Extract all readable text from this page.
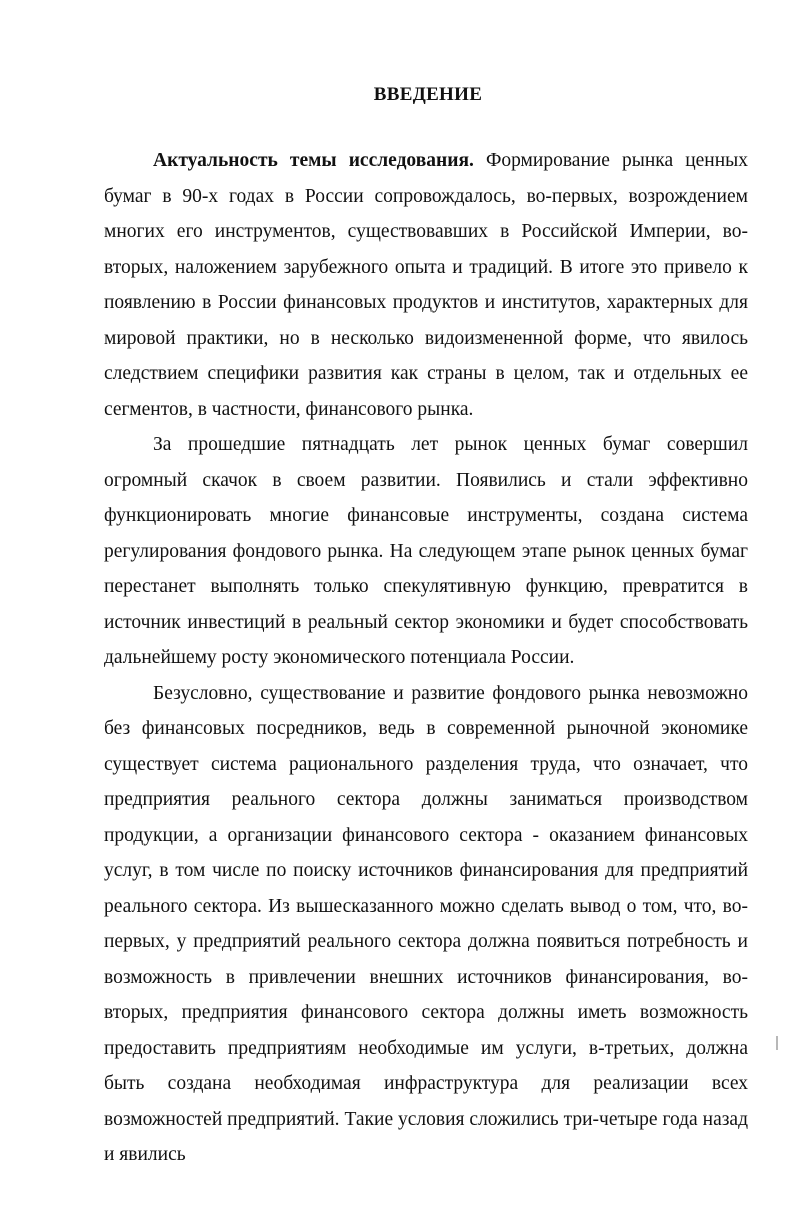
ВВЕДЕНИЕ

Актуальность темы исследования. Формирование рынка ценных бумаг в 90-х годах в России сопровождалось, во-первых, возрождением многих его инструментов, существовавших в Российской Империи, во-вторых, наложением зарубежного опыта и традиций. В итоге это привело к появлению в России финансовых продуктов и институтов, характерных для мировой практики, но в несколько видоизмененной форме, что явилось следствием специфики развития как страны в целом, так и отдельных ее сегментов, в частности, финансового рынка.

За прошедшие пятнадцать лет рынок ценных бумаг совершил огромный скачок в своем развитии. Появились и стали эффективно функционировать многие финансовые инструменты, создана система регулирования фондового рынка. На следующем этапе рынок ценных бумаг перестанет выполнять только спекулятивную функцию, превратится в источник инвестиций в реальный сектор экономики и будет способствовать дальнейшему росту экономического потенциала России.

Безусловно, существование и развитие фондового рынка невозможно без финансовых посредников, ведь в современной рыночной экономике существует система рационального разделения труда, что означает, что предприятия реального сектора должны заниматься производством продукции, а организации финансового сектора - оказанием финансовых услуг, в том числе по поиску источников финансирования для предприятий реального сектора. Из вышесказанного можно сделать вывод о том, что, во-первых, у предприятий реального сектора должна появиться потребность и возможность в привлечении внешних источников финансирования, во-вторых, предприятия финансового сектора должны иметь возможность предоставить предприятиям необходимые им услуги, в-третьих, должна быть создана необходимая инфраструктура для реализации всех возможностей предприятий. Такие условия сложились три-четыре года назад и явились
